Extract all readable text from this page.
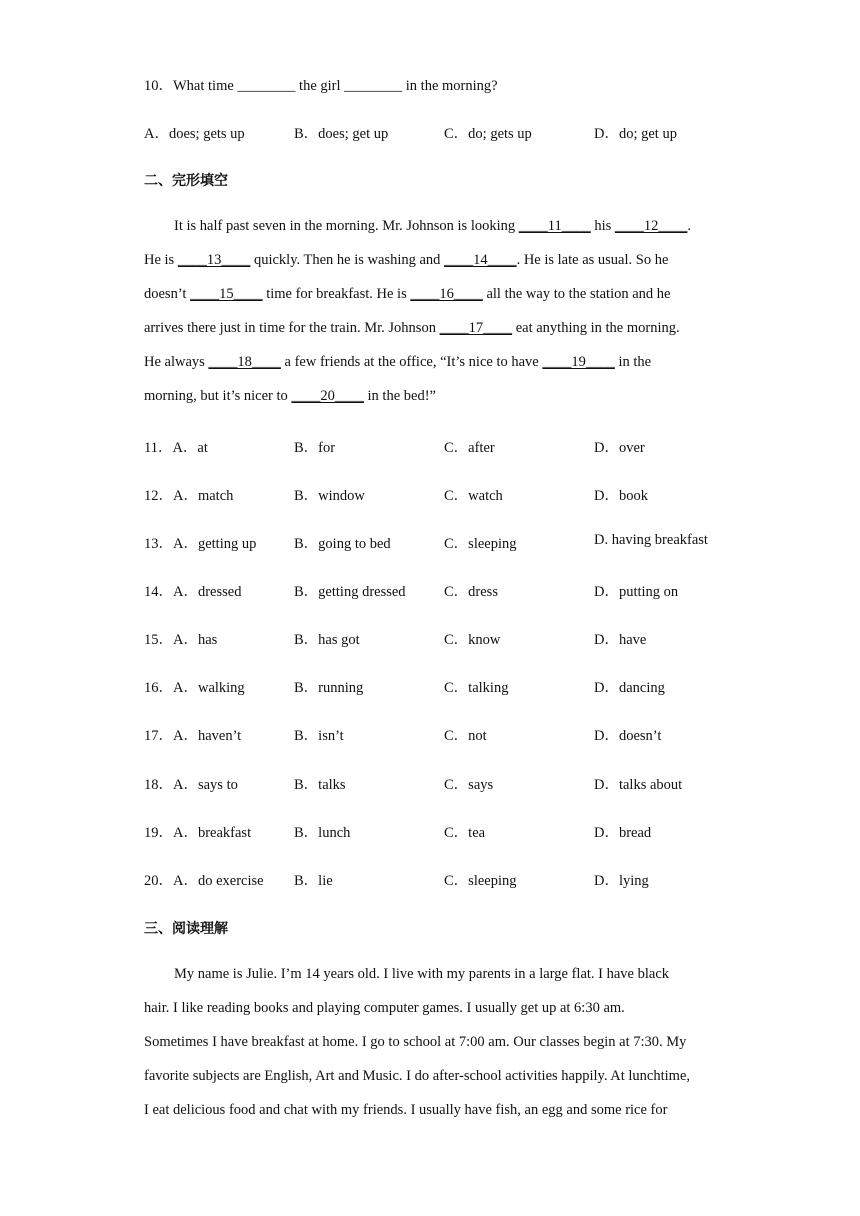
10．What time ________ the girl ________ in the morning?
A．does; gets up	B．does; get up	C．do; gets up	D．do; get up
二、完形填空
It is half past seven in the morning. Mr. Johnson is looking ____11____ his ____12____.
He is ____13____ quickly. Then he is washing and ____14____. He is late as usual. So he
doesn’t ____15____ time for breakfast. He is ____16____ all the way to the station and he
arrives there just in time for the train. Mr. Johnson ____17____ eat anything in the morning.
He always ____18____ a few friends at the office, “It’s nice to have ____19____ in the
morning, but it’s nicer to ____20____ in the bed!”
11．A．at	B．for	C．after	D．over
12．A．match	B．window	C．watch	D．book
13．A．getting up	B．going to bed	C．sleeping	D. having breakfast
14．A．dressed	B．getting dressed	C．dress	D．putting on
15．A．has	B．has got	C．know	D．have
16．A．walking	B．running	C．talking	D．dancing
17．A．haven’t	B．isn’t	C．not	D．doesn’t
18．A．says to	B．talks	C．says	D．talks about
19．A．breakfast	B．lunch	C．tea	D．bread
20．A．do exercise B．lie	C．sleeping	D．lying
三、阅读理解
My name is Julie. I’m 14 years old. I live with my parents in a large flat. I have black
hair. I like reading books and playing computer games. I usually get up at 6:30 am.
Sometimes I have breakfast at home. I go to school at 7:00 am. Our classes begin at 7:30. My
favorite subjects are English, Art and Music. I do after-school activities happily. At lunchtime,
I eat delicious food and chat with my friends. I usually have fish, an egg and some rice for
